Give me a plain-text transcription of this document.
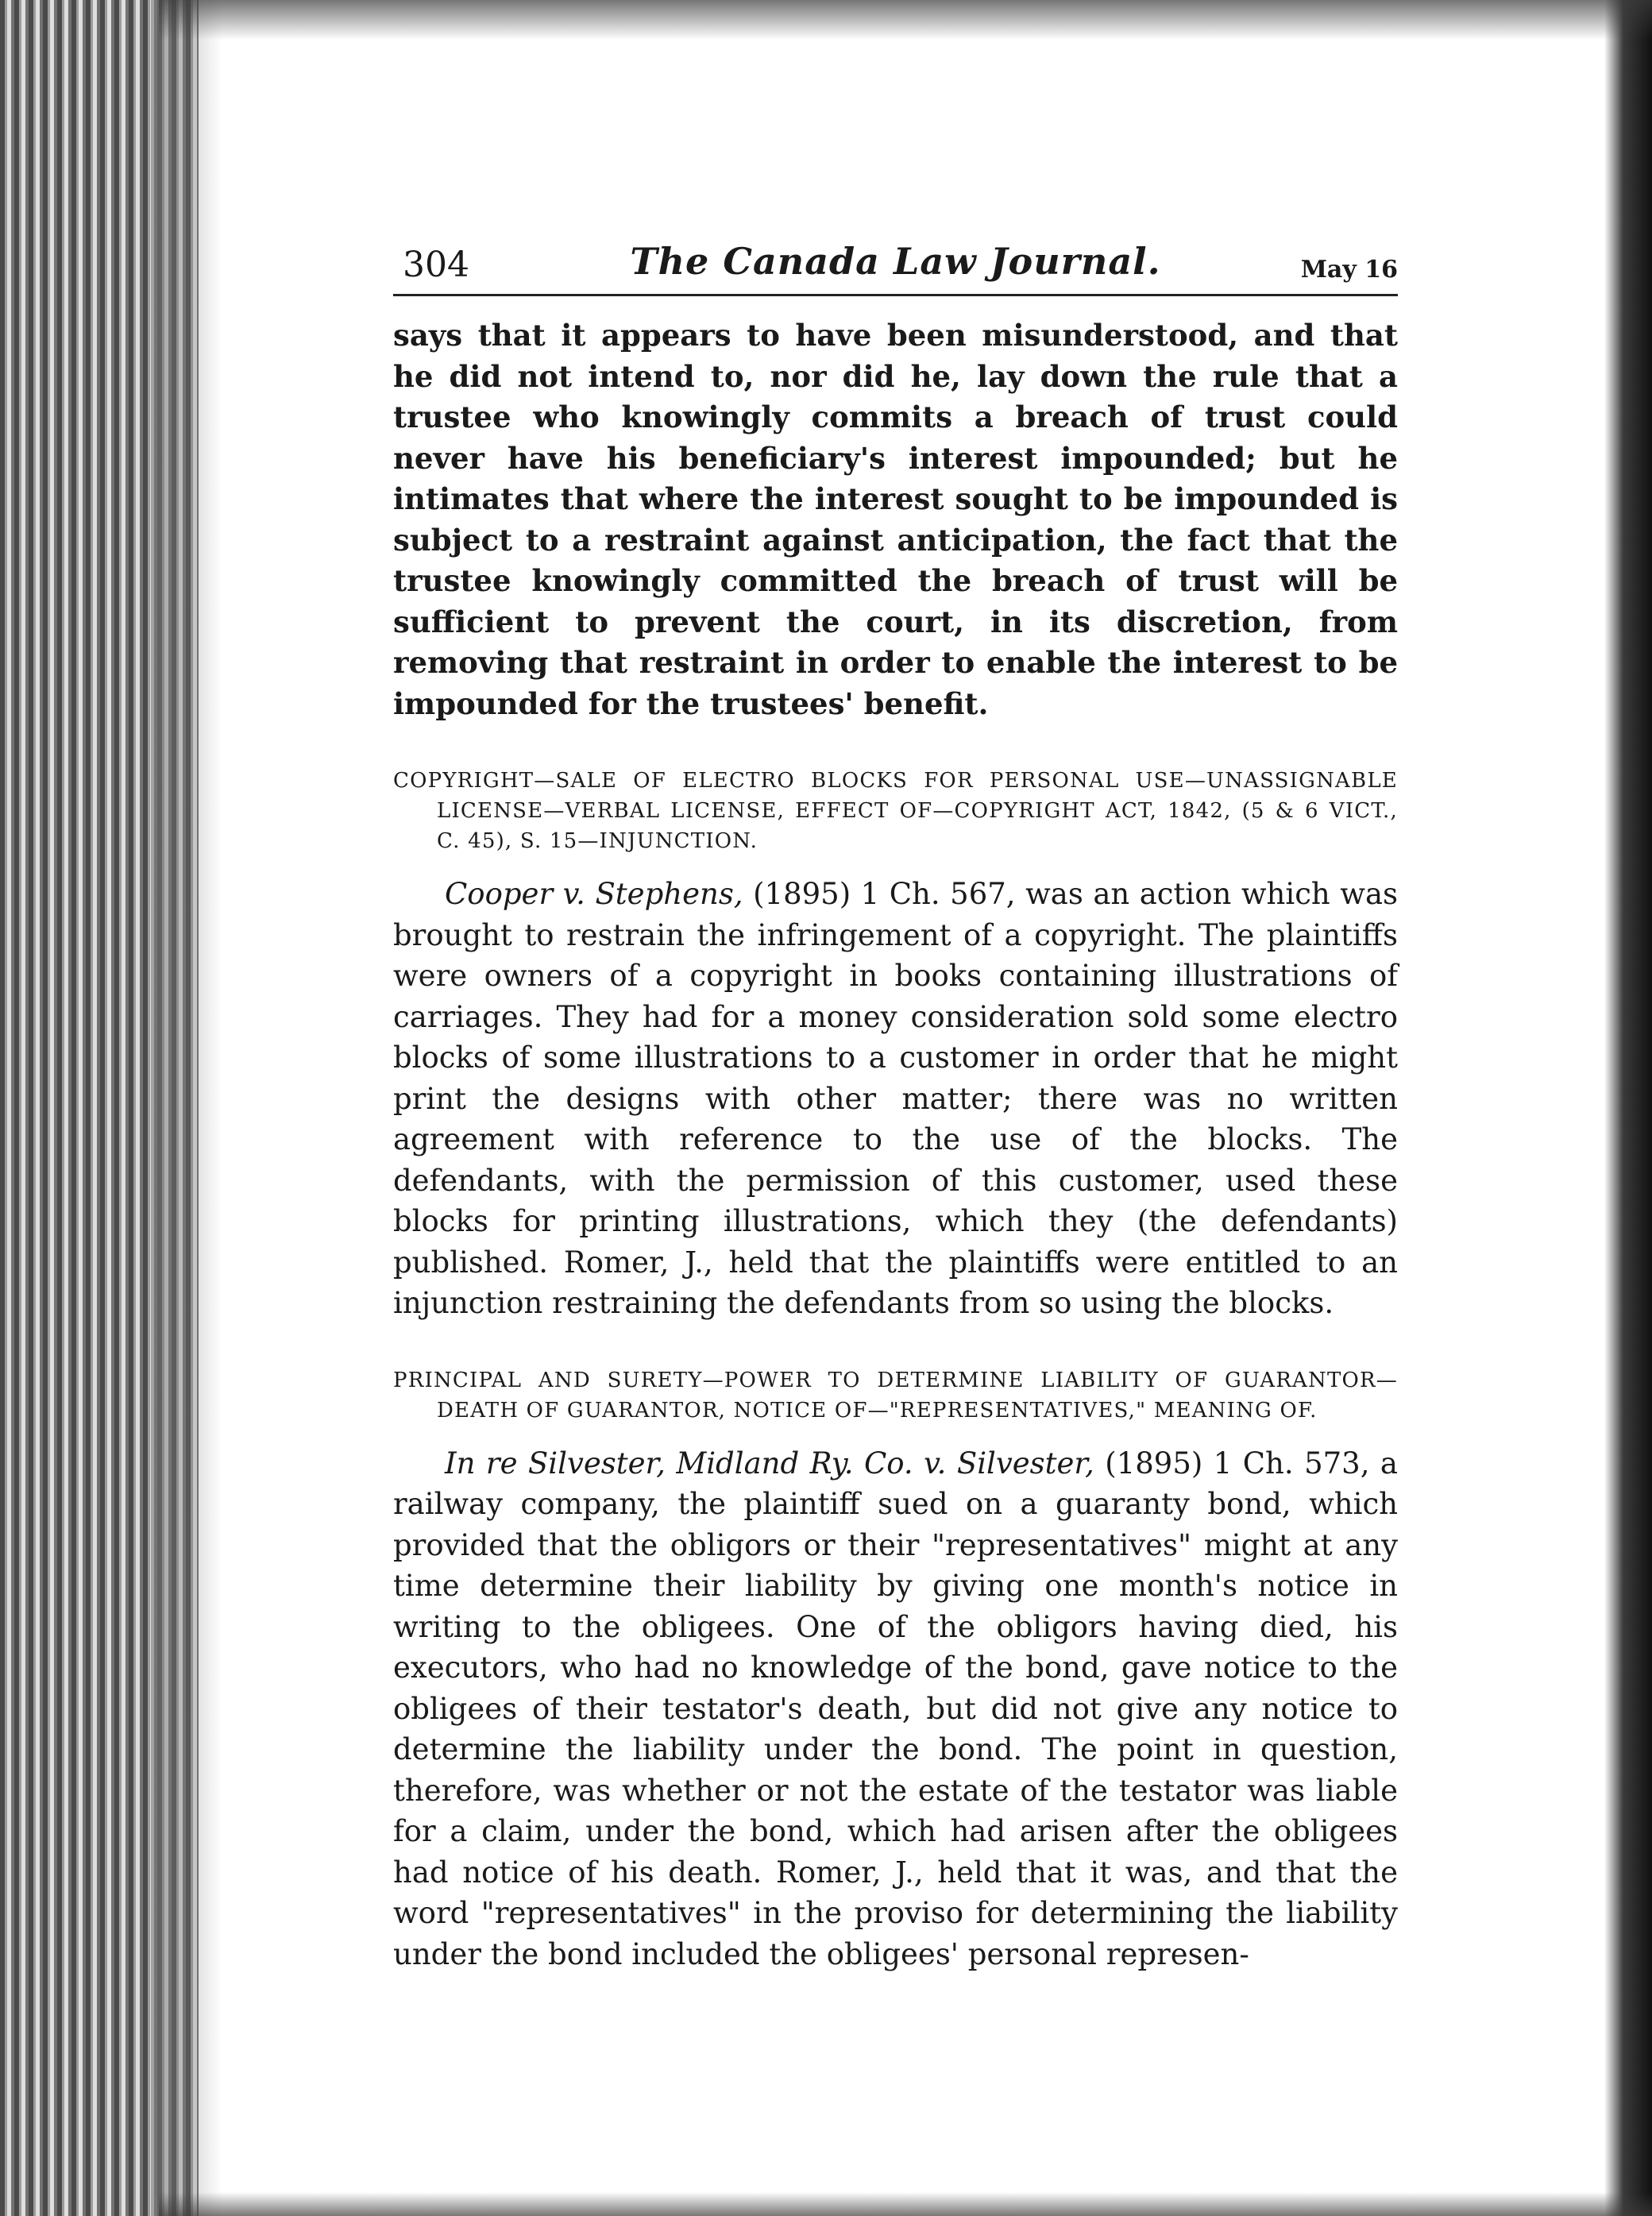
304	The Canada Law Journal.	May 16

says that it appears to have been misunderstood, and that he did not intend to, nor did he, lay down the rule that a trustee who knowingly commits a breach of trust could never have his beneficiary's interest impounded; but he intimates that where the interest sought to be impounded is subject to a restraint against anticipation, the fact that the trustee knowingly committed the breach of trust will be sufficient to prevent the court, in its discretion, from removing that restraint in order to enable the interest to be impounded for the trustees' benefit.

COPYRIGHT—SALE OF ELECTRO BLOCKS FOR PERSONAL USE—UNASSIGNABLE LICENSE—VERBAL LICENSE, EFFECT OF—COPYRIGHT ACT, 1842, (5 & 6 VICT., C. 45), S. 15—INJUNCTION.

Cooper v. Stephens, (1895) 1 Ch. 567, was an action which was brought to restrain the infringement of a copyright. The plaintiffs were owners of a copyright in books containing illustrations of carriages. They had for a money consideration sold some electro blocks of some illustrations to a customer in order that he might print the designs with other matter; there was no written agreement with reference to the use of the blocks. The defendants, with the permission of this customer, used these blocks for printing illustrations, which they (the defendants) published. Romer, J., held that the plaintiffs were entitled to an injunction restraining the defendants from so using the blocks.

PRINCIPAL AND SURETY—POWER TO DETERMINE LIABILITY OF GUARANTOR—DEATH OF GUARANTOR, NOTICE OF—"REPRESENTATIVES," MEANING OF.

In re Silvester, Midland Ry. Co. v. Silvester, (1895) 1 Ch. 573, a railway company, the plaintiff sued on a guaranty bond, which provided that the obligors or their "representatives" might at any time determine their liability by giving one month's notice in writing to the obligees. One of the obligors having died, his executors, who had no knowledge of the bond, gave notice to the obligees of their testator's death, but did not give any notice to determine the liability under the bond. The point in question, therefore, was whether or not the estate of the testator was liable for a claim, under the bond, which had arisen after the obligees had notice of his death. Romer, J., held that it was, and that the word "representatives" in the proviso for determining the liability under the bond included the obligees' personal represen-
